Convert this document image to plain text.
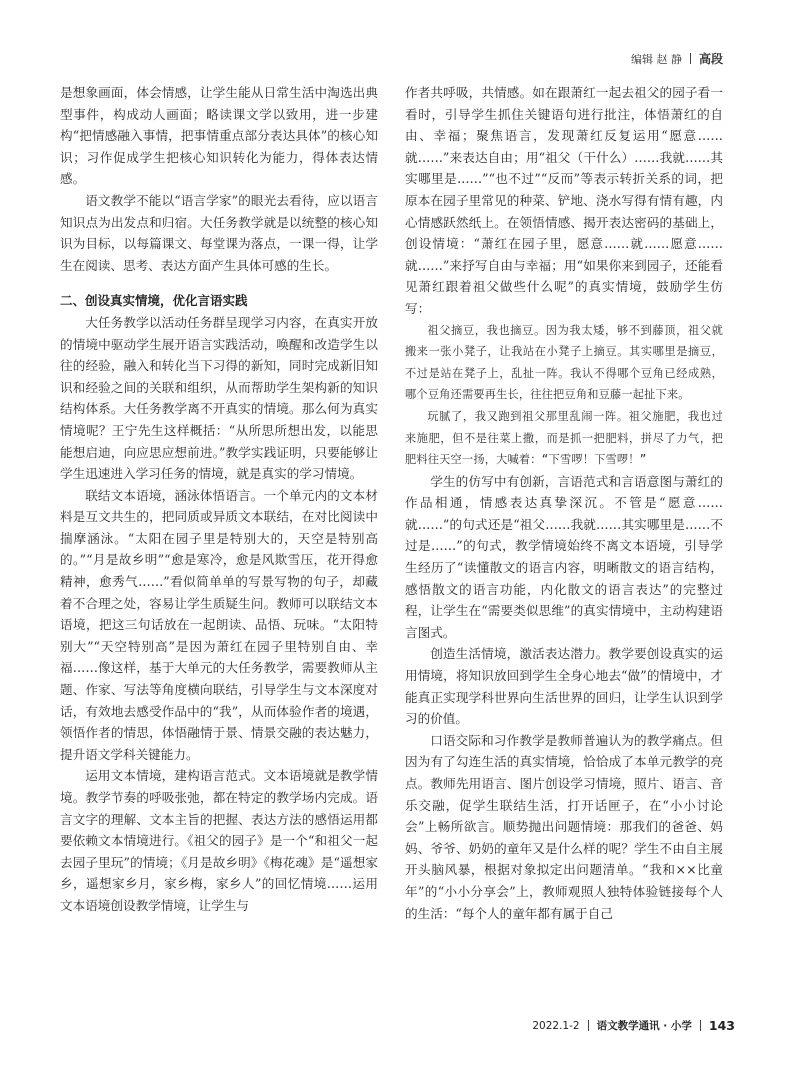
编辑 赵 静 高段

是想象画面，体会情感，让学生能从日常生活中淘选出典型事件，构成动人画面；略读课文学以致用，进一步建构“把情感融入事情，把事情重点部分表达具体”的核心知识；习作促成学生把核心知识转化为能力，得体表达情感。

语文教学不能以“语言学家”的眼光去看待，应以语言知识点为出发点和归宿。大任务教学就是以统整的核心知识为目标，以每篇课文、每堂课为落点，一课一得，让学生在阅读、思考、表达方面产生具体可感的生长。

二、创设真实情境，优化言语实践

大任务教学以活动任务群呈现学习内容，在真实开放的情境中驱动学生展开语言实践活动，唤醒和改造学生以往的经验，融入和转化当下习得的新知，同时完成新旧知识和经验之间的关联和组织，从而帮助学生架构新的知识结构体系。大任务教学离不开真实的情境。那么何为真实情境呢？王宁先生这样概括：“从所思所想出发，以能思能想启迪，向应思应想前进。”教学实践证明，只要能够让学生迅速进入学习任务的情境，就是真实的学习情境。

联结文本语境，涵泳体悟语言。一个单元内的文本材料是互文共生的，把同质或异质文本联结，在对比阅读中揣摩涵泳。“太阳在园子里是特别大的，天空是特别高的。”“月是故乡明”“愈是寒冷，愈是风欺雪压，花开得愈精神，愈秀气……”看似简单单的写景写物的句子，却藏着不合理之处，容易让学生质疑生问。教师可以联结文本语境，把这三句话放在一起朗读、品悟、玩味。“太阳特别大”“天空特别高”是因为萧红在园子里特别自由、幸福……像这样，基于大单元的大任务教学，需要教师从主题、作家、写法等角度横向联结，引导学生与文本深度对话，有效地去感受作品中的“我”，从而体验作者的境遇，领悟作者的情思，体悟融情于景、情景交融的表达魅力，提升语文学科关键能力。

运用文本情境，建构语言范式。文本语境就是教学情境。教学节奏的呼吸张弛，都在特定的教学场内完成。语言文字的理解、文本主旨的把握、表达方法的感悟运用都要依赖文本情境进行。《祖父的园子》是一个“和祖父一起去园子里玩”的情境；《月是故乡明》《梅花魂》是“遥想家乡，遥想家乡月，家乡梅，家乡人”的回忆情境……运用文本语境创设教学情境，让学生与

作者共呼吸，共情感。如在跟萧红一起去祖父的园子看一看时，引导学生抓住关键语句进行批注，体悟萧红的自由、幸福；聚焦语言，发现萧红反复运用“愿意……就……”来表达自由；用“祖父（干什么）……我就……其实哪里是……”“也不过”“反而”等表示转折关系的词，把原本在园子里常见的种菜、铲地、浇水写得有情有趣，内心情感跃然纸上。在领悟情感、揭开表达密码的基础上，创设情境：“萧红在园子里，愿意……就……愿意……就……”来抒写自由与幸福；用“如果你来到园子，还能看见萧红跟着祖父做些什么呢”的真实情境，鼓励学生仿写：

祖父摘豆，我也摘豆。因为我太矮，够不到藤顶，祖父就搬来一张小凳子，让我站在小凳子上摘豆。其实哪里是摘豆，不过是站在凳子上，乱扯一阵。我认不得哪个豆角已经成熟，哪个豆角还需要再生长，往往把豆角和豆藤一起扯下来。

玩腻了，我又跑到祖父那里乱闹一阵。祖父施肥，我也过来施肥，但不是往菜上撒，而是抓一把肥料，拼尽了力气，把肥料往天空一扬，大喊着：“下雪啰！下雪啰！”

学生的仿写中有创新，言语范式和言语意图与萧红的作品相通，情感表达真挚深沉。不管是“愿意……就……”的句式还是“祖父……我就……其实哪里是……不过是……”的句式，教学情境始终不离文本语境，引导学生经历了“读懂散文的语言内容，明晰散文的语言结构，感悟散文的语言功能，内化散文的语言表达”的完整过程，让学生在“需要类似思维”的真实情境中，主动构建语言图式。

创造生活情境，激活表达潜力。教学要创设真实的运用情境，将知识放回到学生全身心地去“做”的情境中，才能真正实现学科世界向生活世界的回归，让学生认识到学习的价值。

口语交际和习作教学是教师普遍认为的教学痛点。但因为有了勾连生活的真实情境，恰恰成了本单元教学的亮点。教师先用语言、图片创设学习情境，照片、语言、音乐交融，促学生联结生活，打开话匣子，在“小小讨论会”上畅所欲言。顺势抛出问题情境：那我们的爸爸、妈妈、爷爷、奶奶的童年又是什么样的呢？学生不由自主展开头脑风暴，根据对象拟定出问题清单。“我和××比童年”的“小小分享会”上，教师观照人独特体验链接每个人的生活：“每个人的童年都有属于自己

2022.1-2 语文教学通讯 · 小学 143
